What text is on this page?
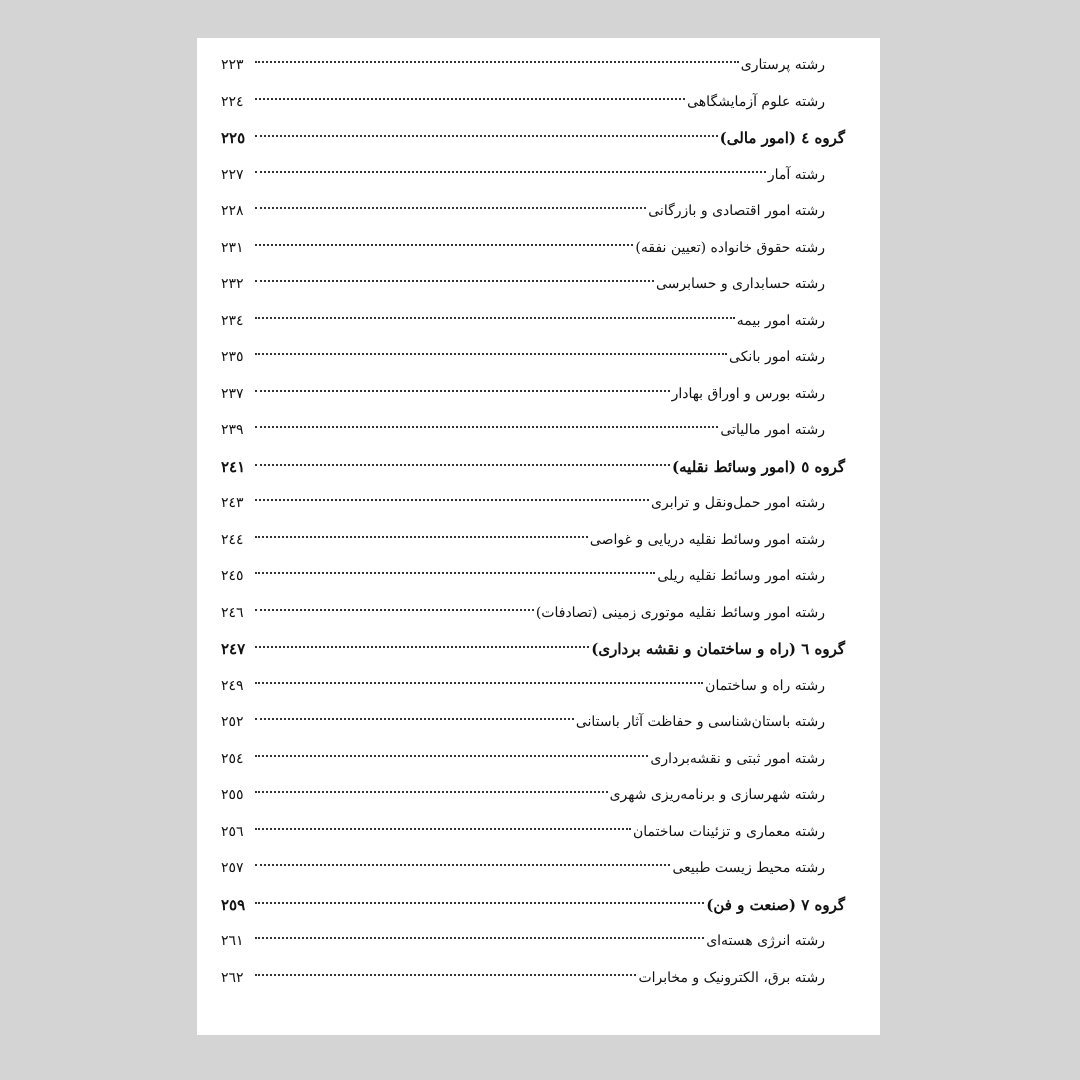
رشته پرستاری
۲۲۳
رشته علوم آزمایشگاهی
۲۲٤
گروه ٤ (امور مالی)
۲۲٥
رشته آمار
۲۲۷
رشته امور اقتصادی و بازرگانی
۲۲۸
رشته حقوق خانواده (تعیین نفقه)
۲۳۱
رشته حسابداری و حسابرسی
۲۳۲
رشته امور بیمه
۲۳٤
رشته امور بانکی
۲۳٥
رشته بورس و اوراق بهادار
۲۳۷
رشته امور مالیاتی
۲۳۹
گروه ٥ (امور وسائط نقلیه)
۲٤۱
رشته امور حمل‌ونقل و ترابری
۲٤۳
رشته امور وسائط نقلیه دریایی و غواصی
۲٤٤
رشته امور وسائط نقلیه ریلی
۲٤٥
رشته امور وسائط نقلیه موتوری زمینی (تصادفات)
۲٤٦
گروه ٦ (راه و ساختمان و نقشه برداری)
۲٤۷
رشته راه و ساختمان
۲٤۹
رشته باستان‌شناسی و حفاظت آثار باستانی
۲٥۲
رشته امور ثبتی و نقشه‌برداری
۲٥٤
رشته شهرسازی و برنامه‌ریزی شهری
۲٥٥
رشته معماری و تزئینات ساختمان
۲٥٦
رشته محیط زیست طبیعی
۲٥۷
گروه ۷ (صنعت و فن)
۲٥۹
رشته انرژی هسته‌ای
۲٦۱
رشته برق، الکترونیک و مخابرات
۲٦۲
